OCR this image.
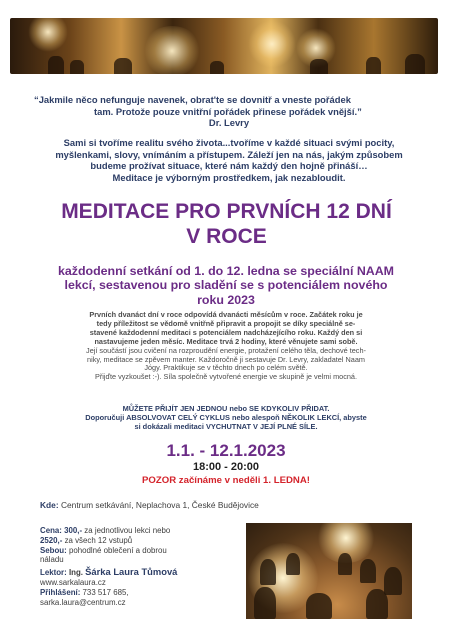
“Jakmile něco nefunguje navenek, obrat'te se dovnitř a vneste pořádek
tam. Protože pouze vnitřní pořádek přinese pořádek vnější.”
Dr. Levry
Sami si tvoříme realitu svého života...tvoříme v každé situaci svými pocity,
myšlenkami, slovy, vnímáním a přístupem. Záleží jen na nás, jakým způsobem
budeme prožívat situace, které nám každý den hojně přináší…
Meditace je výborným prostředkem, jak nezabloudit.
MEDITACE PRO PRVNÍCH 12 DNÍ
V ROCE
každodenní setkání od 1. do 12. ledna se speciální NAAM
lekcí, sestavenou pro sladění se s potenciálem nového
roku 2023
Prvních dvanáct dní v roce odpovídá dvanácti měsícům v roce. Začátek roku je
tedy příležitost se vědomě vnitřně připravit a propojit se díky speciálně se-
stavené každodenní meditaci s potenciálem nadcházejícího roku. Každý den si
nastavujeme jeden měsíc. Meditace trvá 2 hodiny, které věnujete sami sobě.
Její součástí jsou cvičení na rozproudění energie, protažení celého těla, dechové tech-
niky, meditace se zpěvem manter. Každoročně ji sestavuje Dr. Levry, zakladatel Naam
Jógy. Praktikuje se v těchto dnech po celém světě.
Přijďte vyzkoušet :-). Síla společně vytvořené energie ve skupině je velmi mocná.
MŮŽETE PŘIJÍT JEN JEDNOU nebo SE KDYKOLIV PŘIDAT.
Doporučuji ABSOLVOVAT CELÝ CYKLUS nebo alespoň NĚKOLIK LEKCÍ, abyste
si dokázali meditaci VYCHUTNAT V JEJÍ PLNÉ SÍLE.
1.1. - 12.1.2023
18:00 - 20:00
POZOR začínáme v neděli 1. LEDNA!
Kde: Centrum setkávání, Neplachova 1, České Budějovice
Cena: 300,- za jednotlivou lekci nebo
2520,- za všech 12 vstupů
Sebou: pohodlné oblečení a dobrou
náladu
Lektor: Ing. Šárka Laura Tůmová
www.sarkalaura.cz
Přihlášení: 733 517 685,
sarka.laura@centrum.cz
